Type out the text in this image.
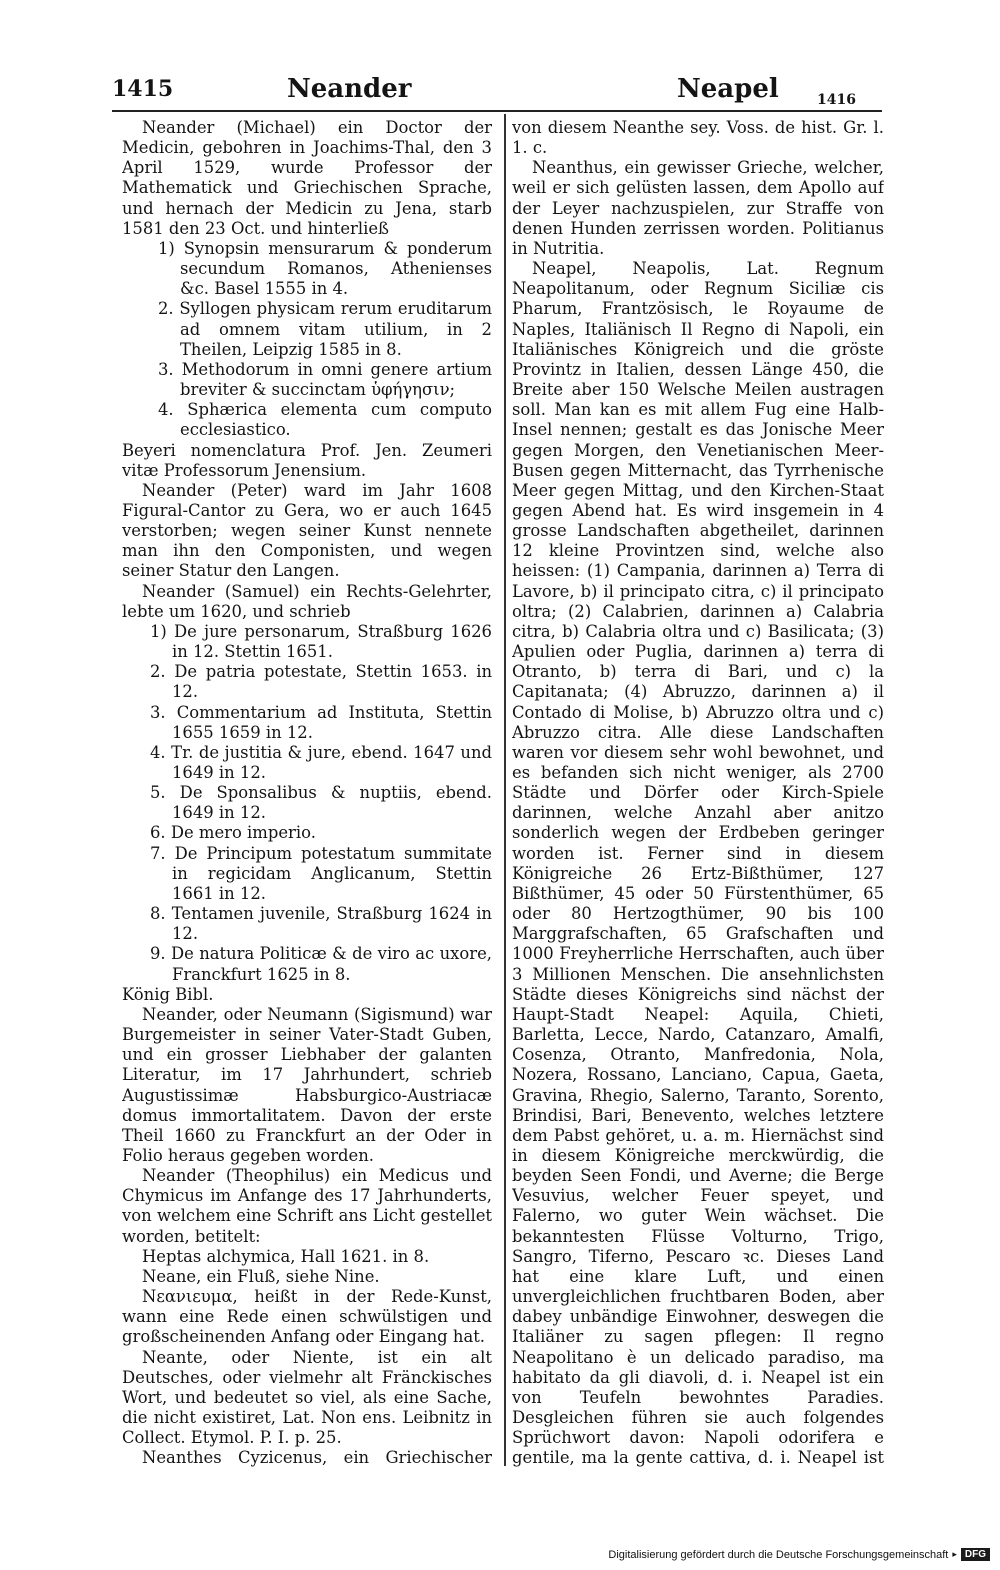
1415	Neander	Neapel	1416

Neander (Michael) ein Doctor der Medicin, gebohren in Joachims-Thal, den 3 April 1529, wurde Professor der Mathematick und Griechischen Sprache, und hernach der Medicin zu Jena, starb 1581 den 23 Oct. und hinterließ

1) Synopsin mensurarum & ponderum secundum Romanos, Athenienses &c. Basel 1555 in 4.

2. Syllogen physicam rerum eruditarum ad omnem vitam utilium, in 2 Theilen, Leipzig 1585 in 8.

3. Methodorum in omni genere artium breviter & succinctam ὑφήγησιν;

4. Sphærica elementa cum computo ecclesiastico.

Beyeri nomenclatura Prof. Jen. Zeumeri vitæ Professorum Jenensium.

Neander (Peter) ward im Jahr 1608 Figural-Cantor zu Gera, wo er auch 1645 verstorben; wegen seiner Kunst nennete man ihn den Componisten, und wegen seiner Statur den Langen.

Neander (Samuel) ein Rechts-Gelehrter, lebte um 1620, und schrieb

1) De jure personarum, Straßburg 1626 in 12. Stettin 1651.

2. De patria potestate, Stettin 1653. in 12.

3. Commentarium ad Instituta, Stettin 1655 1659 in 12.

4. Tr. de justitia & jure, ebend. 1647 und 1649 in 12.

5. De Sponsalibus & nuptiis, ebend. 1649 in 12.

6. De mero imperio.

7. De Principum potestatum summitate in regicidam Anglicanum, Stettin 1661 in 12.

8. Tentamen juvenile, Straßburg 1624 in 12.

9. De natura Politicæ & de viro ac uxore, Franckfurt 1625 in 8.

König Bibl.

Neander, oder Neumann (Sigismund) war Burgemeister in seiner Vater-Stadt Guben, und ein grosser Liebhaber der galanten Literatur, im 17 Jahrhundert, schrieb Augustissimæ Habsburgico-Austriacæ domus immortalitatem. Davon der erste Theil 1660 zu Franckfurt an der Oder in Folio heraus gegeben worden.

Neander (Theophilus) ein Medicus und Chymicus im Anfange des 17 Jahrhunderts, von welchem eine Schrift ans Licht gestellet worden, betitelt:

Heptas alchymica, Hall 1621. in 8.

Neane, ein Fluß, siehe Nine.

Νεανιευμα, heißt in der Rede-Kunst, wann eine Rede einen schwülstigen und großscheinenden Anfang oder Eingang hat.

Neante, oder Niente, ist ein alt Deutsches, oder vielmehr alt Fränckisches Wort, und bedeutet so viel, als eine Sache, die nicht existiret, Lat. Non ens. Leibnitz in Collect. Etymol. P. I. p. 25.

Neanthes Cyzicenus, ein Griechischer

von diesem Neanthe sey. Voss. de hist. Gr. l. 1. c.

Neanthus, ein gewisser Grieche, welcher, weil er sich gelüsten lassen, dem Apollo auf der Leyer nachzuspielen, zur Straffe von denen Hunden zerrissen worden. Politianus in Nutritia.

Neapel, Neapolis, Lat. Regnum Neapolitanum, oder Regnum Siciliæ cis Pharum, Frantzösisch, le Royaume de Naples, Italiänisch Il Regno di Napoli, ein Italiänisches Königreich und die gröste Provintz in Italien, dessen Länge 450, die Breite aber 150 Welsche Meilen austragen soll. Man kan es mit allem Fug eine Halb-Insel nennen; gestalt es das Jonische Meer gegen Morgen, den Venetianischen Meer-Busen gegen Mitternacht, das Tyrrhenische Meer gegen Mittag, und den Kirchen-Staat gegen Abend hat. Es wird insgemein in 4 grosse Landschaften abgetheilet, darinnen 12 kleine Provintzen sind, welche also heissen: (1) Campania, darinnen a) Terra di Lavore, b) il principato citra, c) il principato oltra; (2) Calabrien, darinnen a) Calabria citra, b) Calabria oltra und c) Basilicata; (3) Apulien oder Puglia, darinnen a) terra di Otranto, b) terra di Bari, und c) la Capitanata; (4) Abruzzo, darinnen a) il Contado di Molise, b) Abruzzo oltra und c) Abruzzo citra. Alle diese Landschaften waren vor diesem sehr wohl bewohnet, und es befanden sich nicht weniger, als 2700 Städte und Dörfer oder Kirch-Spiele darinnen, welche Anzahl aber anitzo sonderlich wegen der Erdbeben geringer worden ist. Ferner sind in diesem Königreiche 26 Ertz-Bißthümer, 127 Bißthümer, 45 oder 50 Fürstenthümer, 65 oder 80 Hertzogthümer, 90 bis 100 Marggrafschaften, 65 Grafschaften und 1000 Freyherrliche Herrschaften, auch über 3 Millionen Menschen. Die ansehnlichsten Städte dieses Königreichs sind nächst der Haupt-Stadt Neapel: Aquila, Chieti, Barletta, Lecce, Nardo, Catanzaro, Amalfi, Cosenza, Otranto, Manfredonia, Nola, Nozera, Rossano, Lanciano, Capua, Gaeta, Gravina, Rhegio, Salerno, Taranto, Sorento, Brindisi, Bari, Benevento, welches letztere dem Pabst gehöret, u. a. m. Hiernächst sind in diesem Königreiche merckwürdig, die beyden Seen Fondi, und Averne; die Berge Vesuvius, welcher Feuer speyet, und Falerno, wo guter Wein wächset. Die bekanntesten Flüsse Volturno, Trigo, Sangro, Tiferno, Pescaro ꝛc. Dieses Land hat eine klare Luft, und einen unvergleichlichen fruchtbaren Boden, aber dabey unbändige Einwohner, deswegen die Italiäner zu sagen pflegen: Il regno Neapolitano è un delicado paradiso, ma habitato da gli diavoli, d. i. Neapel ist ein von Teufeln bewohntes Paradies. Desgleichen führen sie auch folgendes Sprüchwort davon: Napoli odorifera e gentile, ma la gente cattiva, d. i. Neapel ist

Digitalisierung gefördert durch die Deutsche Forschungsgemeinschaft ▸ DFG
